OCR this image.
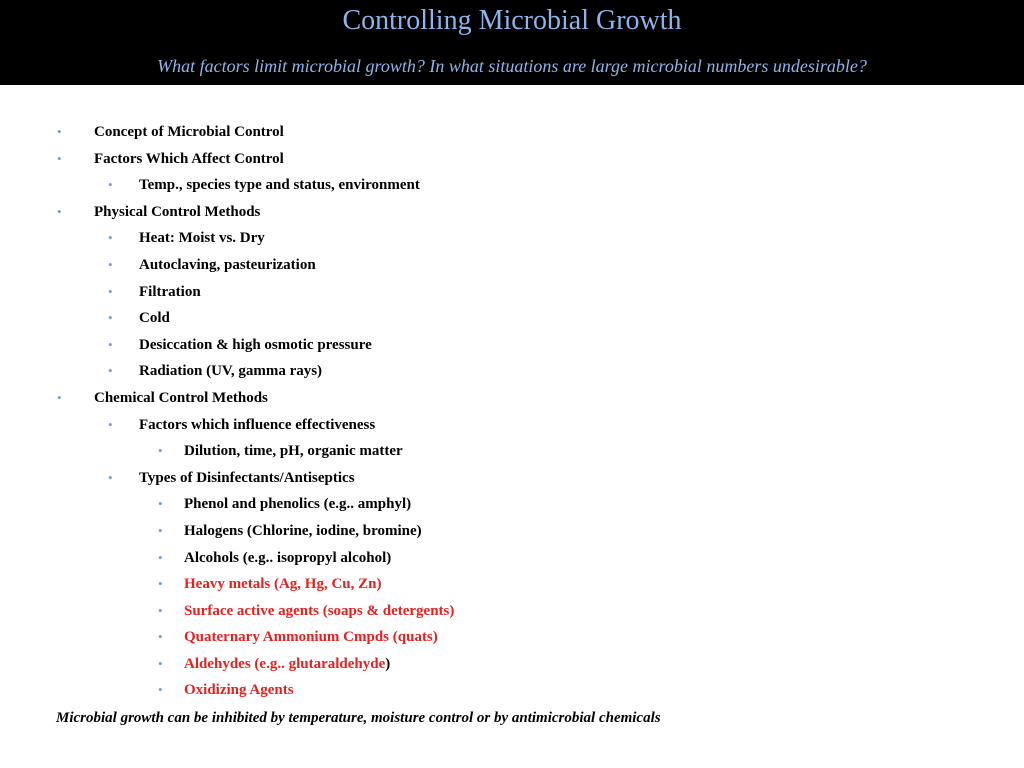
Controlling Microbial Growth
What factors limit microbial growth? In what situations are large microbial numbers undesirable?
• Concept of Microbial Control
• Factors Which Affect Control
• Temp., species type and status, environment
• Physical Control Methods
• Heat: Moist vs. Dry
• Autoclaving, pasteurization
• Filtration
• Cold
• Desiccation & high osmotic pressure
• Radiation (UV, gamma rays)
• Chemical Control Methods
• Factors which influence effectiveness
• Dilution, time, pH, organic matter
• Types of Disinfectants/Antiseptics
• Phenol and phenolics (e.g.. amphyl)
• Halogens (Chlorine, iodine, bromine)
• Alcohols (e.g.. isopropyl alcohol)
• Heavy metals (Ag, Hg, Cu, Zn)
• Surface active agents (soaps & detergents)
• Quaternary Ammonium Cmpds (quats)
• Aldehydes (e.g.. glutaraldehyde)
• Oxidizing Agents
Microbial growth can be inhibited by temperature, moisture control or by antimicrobial chemicals
